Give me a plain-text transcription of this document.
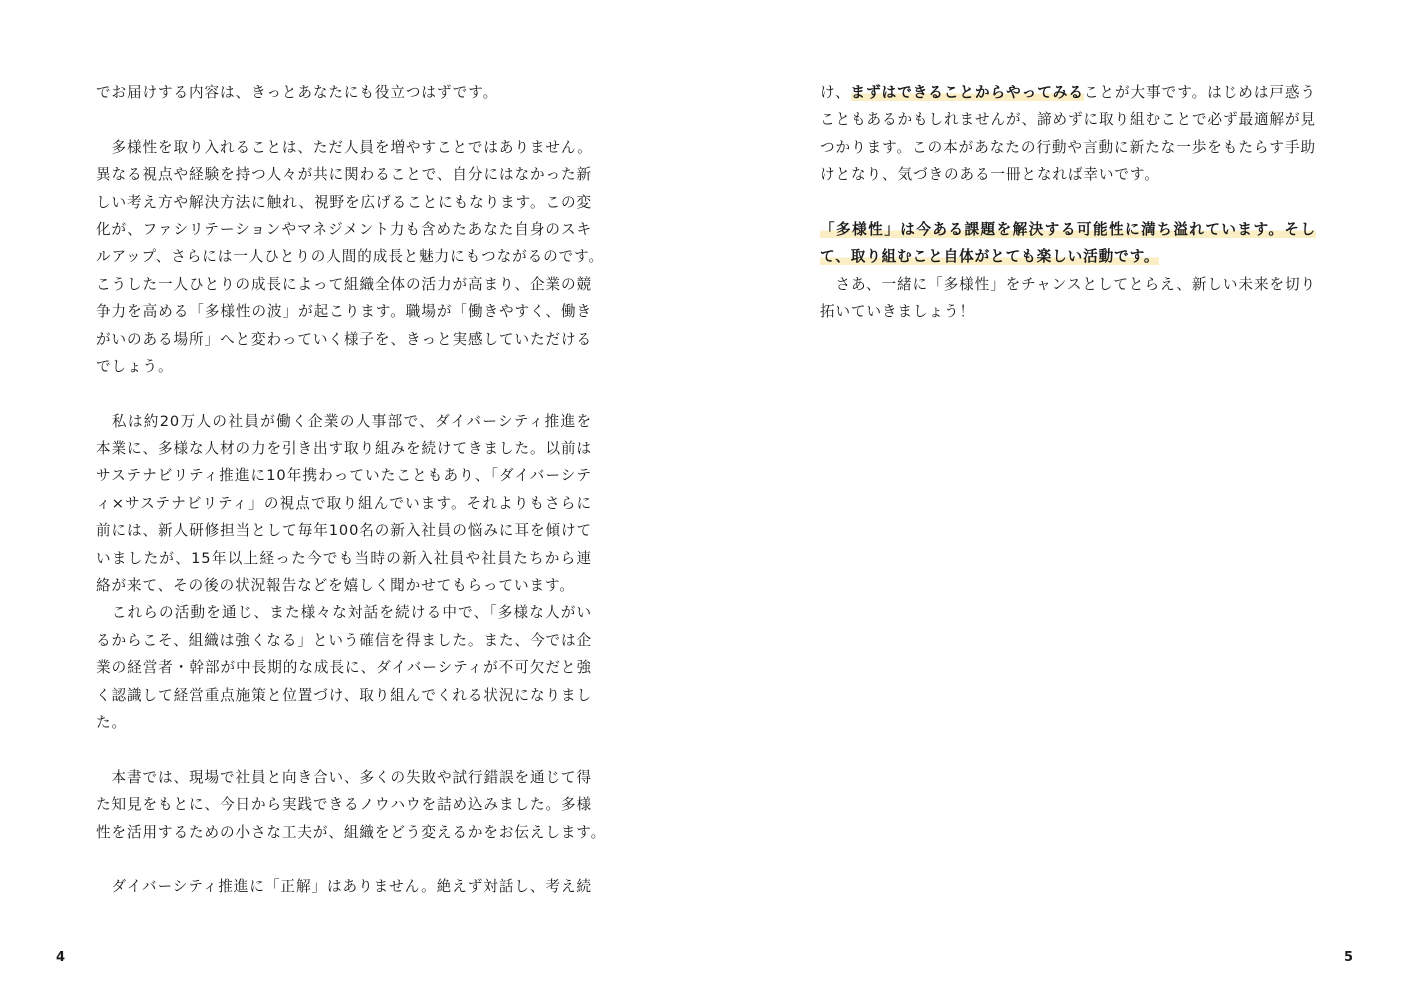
でお届けする内容は、きっとあなたにも役立つはずです。
　多様性を取り入れることは、ただ人員を増やすことではありません。
異なる視点や経験を持つ人々が共に関わることで、自分にはなかった新
しい考え方や解決方法に触れ、視野を広げることにもなります。この変
化が、ファシリテーションやマネジメント力も含めたあなた自身のスキ
ルアップ、さらには一人ひとりの人間的成長と魅力にもつながるのです。
こうした一人ひとりの成長によって組織全体の活力が高まり、企業の競
争力を高める「多様性の波」が起こります。職場が「働きやすく、働き
がいのある場所」へと変わっていく様子を、きっと実感していただける
でしょう。
　私は約20万人の社員が働く企業の人事部で、ダイバーシティ推進を
本業に、多様な人材の力を引き出す取り組みを続けてきました。以前は
サステナビリティ推進に10年携わっていたこともあり、「ダイバーシテ
ィ×サステナビリティ」の視点で取り組んでいます。それよりもさらに
前には、新人研修担当として毎年100名の新入社員の悩みに耳を傾けて
いましたが、15年以上経った今でも当時の新入社員や社員たちから連
絡が来て、その後の状況報告などを嬉しく聞かせてもらっています。
　これらの活動を通じ、また様々な対話を続ける中で、「多様な人がい
るからこそ、組織は強くなる」という確信を得ました。また、今では企
業の経営者・幹部が中長期的な成長に、ダイバーシティが不可欠だと強
く認識して経営重点施策と位置づけ、取り組んでくれる状況になりまし
た。
　本書では、現場で社員と向き合い、多くの失敗や試行錯誤を通じて得
た知見をもとに、今日から実践できるノウハウを詰め込みました。多様
性を活用するための小さな工夫が、組織をどう変えるかをお伝えします。
　ダイバーシティ推進に「正解」はありません。絶えず対話し、考え続
4
け、まずはできることからやってみることが大事です。はじめは戸惑う
こともあるかもしれませんが、諦めずに取り組むことで必ず最適解が見
つかります。この本があなたの行動や言動に新たな一歩をもたらす手助
けとなり、気づきのある一冊となれば幸いです。
「多様性」は今ある課題を解決する可能性に満ち溢れています。そし
て、取り組むこと自体がとても楽しい活動です。
　さあ、一緒に「多様性」をチャンスとしてとらえ、新しい未来を切り
拓いていきましょう！
5
